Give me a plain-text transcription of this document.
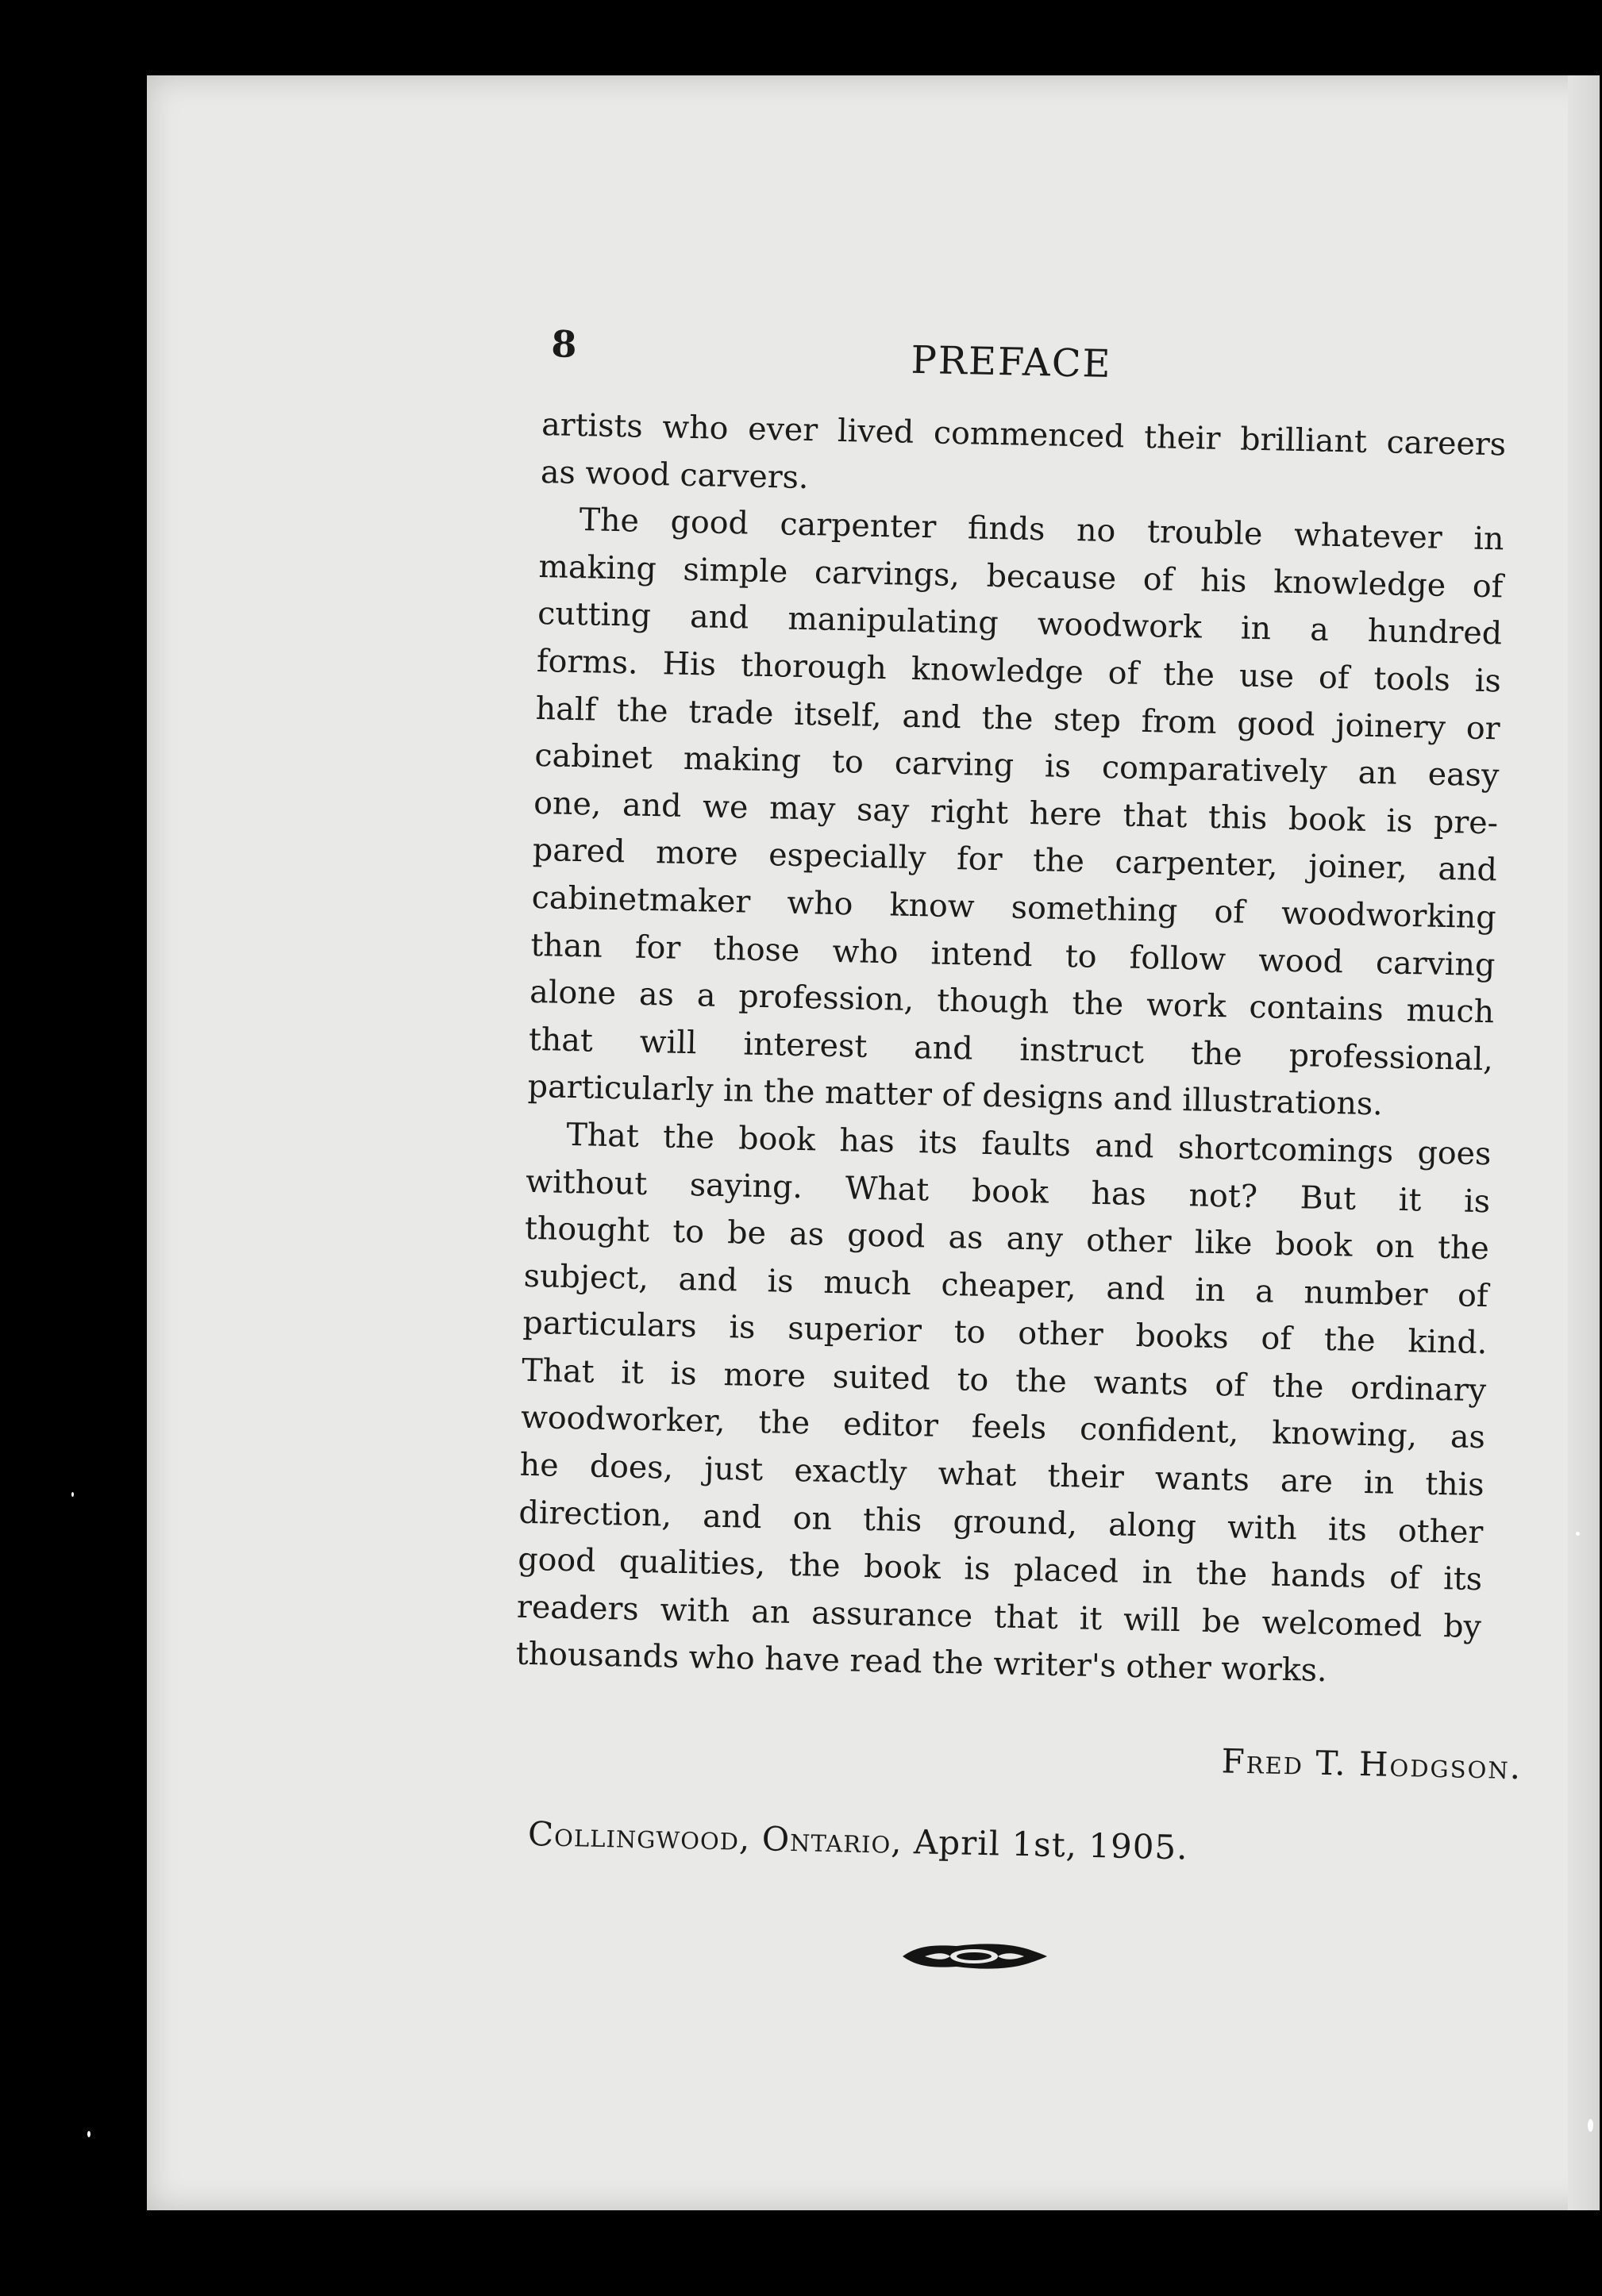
8	PREFACE
artists who ever lived commenced their brilliant careers
as wood carvers.
The good carpenter finds no trouble whatever in
making simple carvings, because of his knowledge of
cutting and manipulating woodwork in a hundred
forms. His thorough knowledge of the use of tools is
half the trade itself, and the step from good joinery or
cabinet making to carving is comparatively an easy
one, and we may say right here that this book is pre-
pared more especially for the carpenter, joiner, and
cabinetmaker who know something of woodworking
than for those who intend to follow wood carving
alone as a profession, though the work contains much
that will interest and instruct the professional,
particularly in the matter of designs and illustrations.
That the book has its faults and shortcomings goes
without saying. What book has not? But it is
thought to be as good as any other like book on the
subject, and is much cheaper, and in a number of
particulars is superior to other books of the kind.
That it is more suited to the wants of the ordinary
woodworker, the editor feels confident, knowing, as
he does, just exactly what their wants are in this
direction, and on this ground, along with its other
good qualities, the book is placed in the hands of its
readers with an assurance that it will be welcomed by
thousands who have read the writer's other works.
Fred T. Hodgson.
Collingwood, Ontario, April 1st, 1905.
